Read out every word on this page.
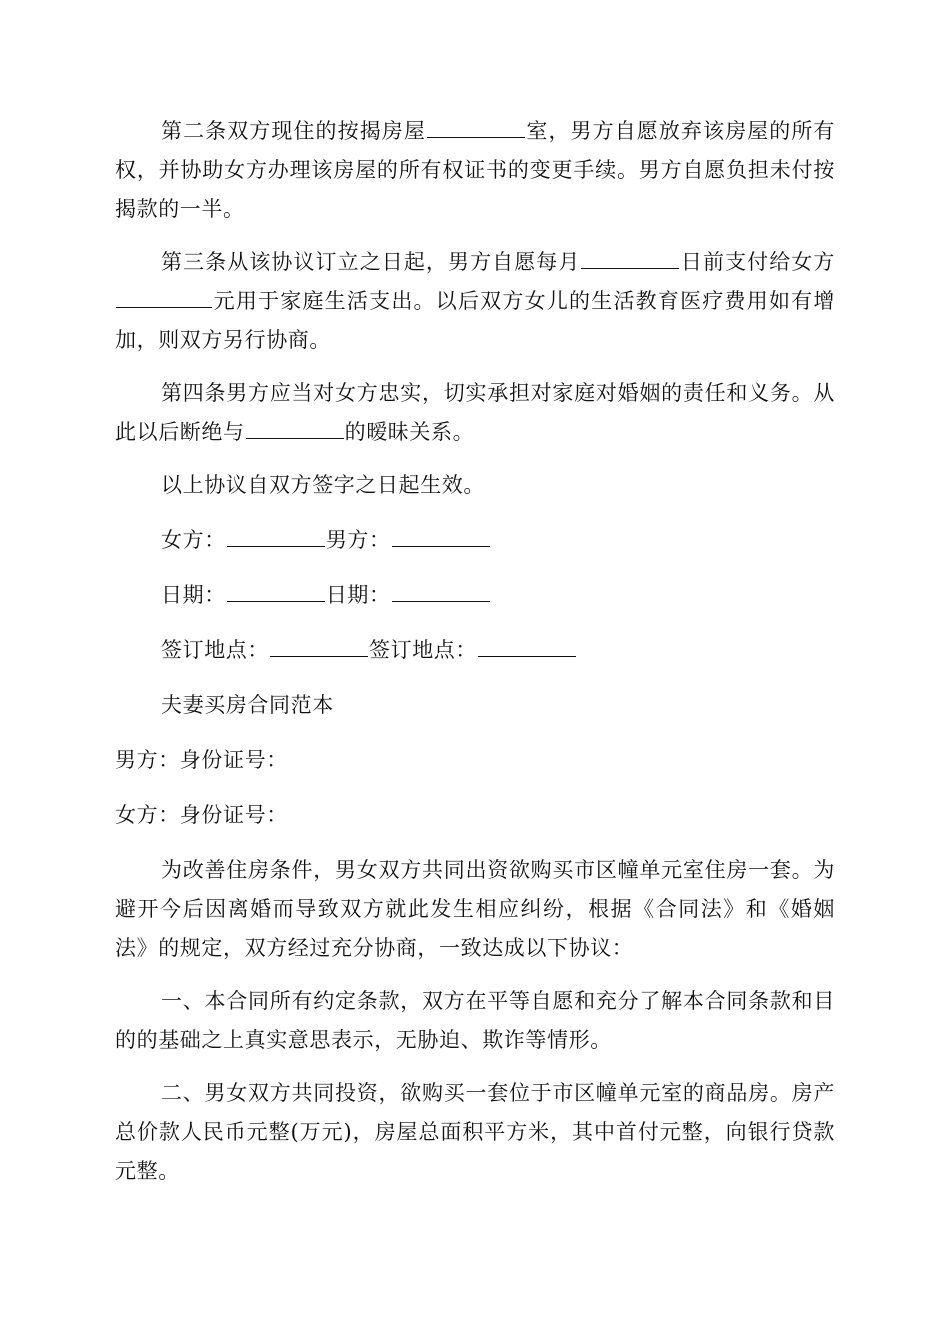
第二条双方现住的按揭房屋	室，男方自愿放弃该房屋的所有权，并协助女方办理该房屋的所有权证书的变更手续。男方自愿负担未付按揭款的一半。

第三条从该协议订立之日起，男方自愿每月	日前支付给女方元用于家庭生活支出。以后双方女儿的生活教育医疗费用如有增加，则双方另行协商。

第四条男方应当对女方忠实，切实承担对家庭对婚姻的责任和义务。从此以后断绝与	的暧昧关系。

以上协议自双方签字之日起生效。

女方：	男方：

日期：	日期：

签订地点：	签订地点：

夫妻买房合同范本

男方：身份证号：

女方：身份证号：

为改善住房条件，男女双方共同出资欲购买市区幢单元室住房一套。为避开今后因离婚而导致双方就此发生相应纠纷，根据《合同法》和《婚姻法》的规定，双方经过充分协商，一致达成以下协议：

一、本合同所有约定条款，双方在平等自愿和充分了解本合同条款和目的的基础之上真实意思表示，无胁迫、欺诈等情形。

二、男女双方共同投资，欲购买一套位于市区幢单元室的商品房。房产总价款人民币元整(万元)，房屋总面积平方米，其中首付元整，向银行贷款元整。
